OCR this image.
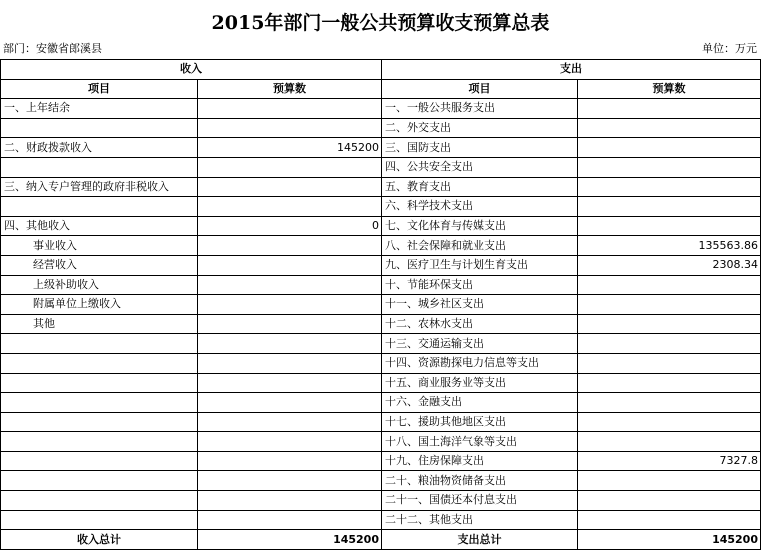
2015年部门一般公共预算收支预算总表
部门：安徽省郎溪县	单位：万元
收入		支出	
项目	预算数	项目	预算数
一、上年结余		一、一般公共服务支出	
		二、外交支出	
二、财政拨款收入	145200	三、国防支出	
		四、公共安全支出	
三、纳入专户管理的政府非税收入		五、教育支出	
		六、科学技术支出	
四、其他收入	0	七、文化体育与传媒支出	
事业收入		八、社会保障和就业支出	135563.86
经营收入		九、医疗卫生与计划生育支出	2308.34
上级补助收入		十、节能环保支出	
附属单位上缴收入		十一、城乡社区支出	
其他		十二、农林水支出	
		十三、交通运输支出	
		十四、资源勘探电力信息等支出	
		十五、商业服务业等支出	
		十六、金融支出	
		十七、援助其他地区支出	
		十八、国土海洋气象等支出	
		十九、住房保障支出	7327.8
		二十、粮油物资储备支出	
		二十一、国债还本付息支出	
		二十二、其他支出	
收入总计	145200	支出总计	145200
